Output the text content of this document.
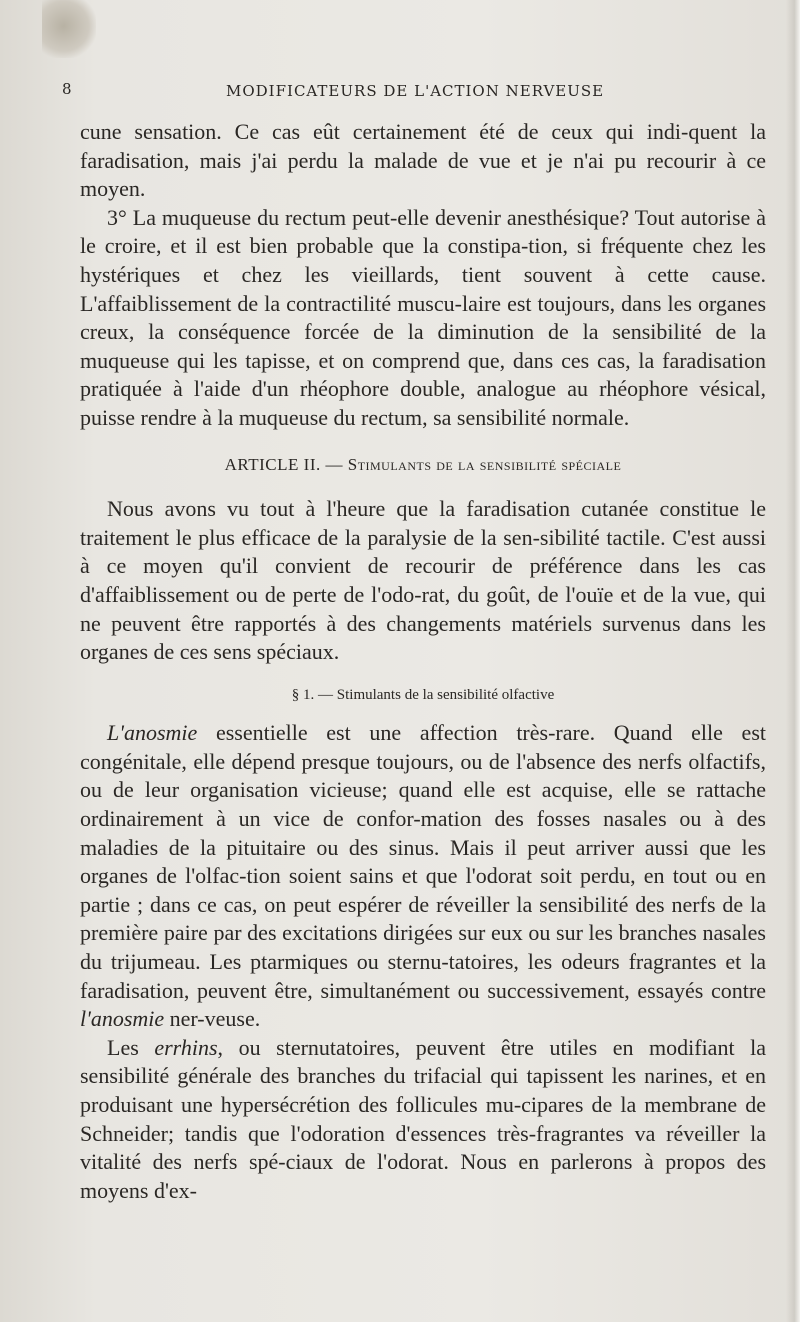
8	MODIFICATEURS DE L'ACTION NERVEUSE

cune sensation. Ce cas eût certainement été de ceux qui indi-quent la faradisation, mais j'ai perdu la malade de vue et je n'ai pu recourir à ce moyen.

3° La muqueuse du rectum peut-elle devenir anesthésique? Tout autorise à le croire, et il est bien probable que la constipa-tion, si fréquente chez les hystériques et chez les vieillards, tient souvent à cette cause. L'affaiblissement de la contractilité muscu-laire est toujours, dans les organes creux, la conséquence forcée de la diminution de la sensibilité de la muqueuse qui les tapisse, et on comprend que, dans ces cas, la faradisation pratiquée à l'aide d'un rhéophore double, analogue au rhéophore vésical, puisse rendre à la muqueuse du rectum, sa sensibilité normale.

ARTICLE II. — Stimulants de la sensibilité spéciale

Nous avons vu tout à l'heure que la faradisation cutanée constitue le traitement le plus efficace de la paralysie de la sen-sibilité tactile. C'est aussi à ce moyen qu'il convient de recourir de préférence dans les cas d'affaiblissement ou de perte de l'odo-rat, du goût, de l'ouïe et de la vue, qui ne peuvent être rapportés à des changements matériels survenus dans les organes de ces sens spéciaux.

§ 1. — Stimulants de la sensibilité olfactive

L'anosmie essentielle est une affection très-rare. Quand elle est congénitale, elle dépend presque toujours, ou de l'absence des nerfs olfactifs, ou de leur organisation vicieuse; quand elle est acquise, elle se rattache ordinairement à un vice de confor-mation des fosses nasales ou à des maladies de la pituitaire ou des sinus. Mais il peut arriver aussi que les organes de l'olfac-tion soient sains et que l'odorat soit perdu, en tout ou en partie ; dans ce cas, on peut espérer de réveiller la sensibilité des nerfs de la première paire par des excitations dirigées sur eux ou sur les branches nasales du trijumeau. Les ptarmiques ou sternu-tatoires, les odeurs fragrantes et la faradisation, peuvent être, simultanément ou successivement, essayés contre l'anosmie ner-veuse.

Les errhins, ou sternutatoires, peuvent être utiles en modifiant la sensibilité générale des branches du trifacial qui tapissent les narines, et en produisant une hypersécrétion des follicules mu-cipares de la membrane de Schneider; tandis que l'odoration d'essences très-fragrantes va réveiller la vitalité des nerfs spé-ciaux de l'odorat. Nous en parlerons à propos des moyens d'ex-
